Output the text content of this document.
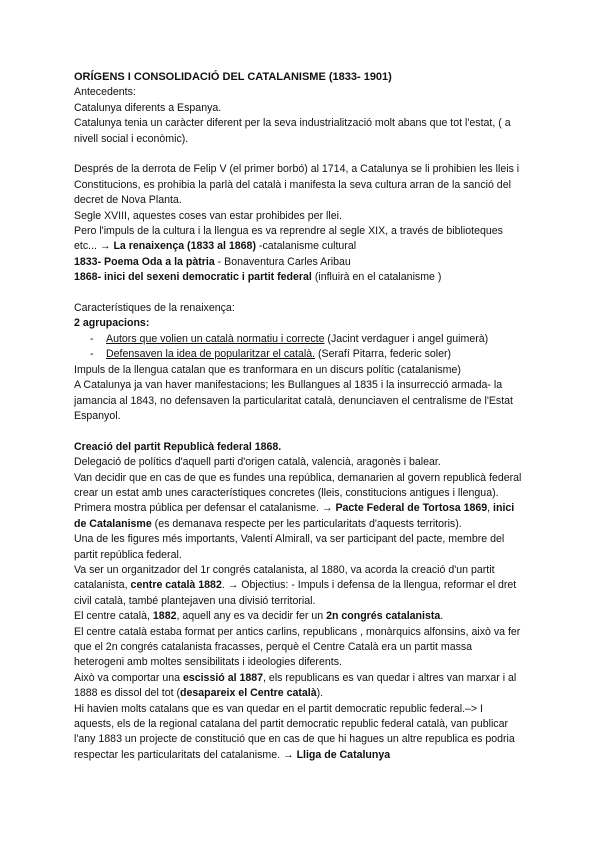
ORÍGENS I CONSOLIDACIÓ DEL CATALANISME (1833- 1901)

Antecedents:

Catalunya diferents a Espanya.

Catalunya tenia un caràcter diferent per la seva industrialització molt abans que tot l'estat, ( a nivell social i econòmic).

Després de la derrota de Felip V (el primer borbó) al 1714, a Catalunya se li prohibien les lleis i Constitucions, es prohibia la parlà del català i manifesta la seva cultura arran de la sanció del decret de Nova Planta.

Segle XVIII, aquestes coses van estar prohibides per llei.

Pero l'impuls de la cultura i la llengua es va reprendre al segle XIX, a través de biblioteques etc... → La renaixença (1833 al 1868) -catalanisme cultural

1833- Poema Oda a la pàtria - Bonaventura Carles Aribau

1868- inici del sexeni democratic i partit federal (influirà en el catalanisme )

Característiques de la renaixença:

2 agrupacions:

- Autors que volien un català normatiu i correcte (Jacint verdaguer i angel guimerà)

- Defensaven la idea de popularitzar el català. (Serafí Pitarra, federic soler)

Impuls de la llengua catalan que es tranformara en un discurs polític (catalanisme)

A Catalunya ja van haver manifestacions; les Bullangues al 1835 i la insurrecció armada- la jamancia al 1843, no defensaven la particularitat català, denunciaven el centralisme de l'Estat Espanyol.

Creació del partit Republicà federal 1868.

Delegació de polítics d'aquell parti d'origen català, valencià, aragonès i balear.

Van decidir que en cas de que es fundes una república, demanarien al govern republicà federal crear un estat amb unes característiques concretes (lleis, constitucions antigues i llengua).

Primera mostra pública per defensar el catalanisme. → Pacte Federal de Tortosa 1869, inici de Catalanisme (es demanava respecte per les particularitats d'aquests territoris).

Una de les figures més importants, Valentí Almirall, va ser participant del pacte, membre del partit república federal.

Va ser un organitzador del 1r congrés catalanista, al 1880, va acorda la creació d'un partit catalanista, centre català 1882. → Objectius: - Impuls i defensa de la llengua, reformar el dret civil català, també plantejaven una divisió territorial.

El centre català, 1882, aquell any es va decidir fer un 2n congrés catalanista.

El centre català estaba format per antics carlins, republicans , monàrquics alfonsins, això va fer que el 2n congrés catalanista fracasses, perquè el Centre Català era un partit massa heterogeni amb moltes sensibilitats i ideologies diferents.

Això va comportar una escissió al 1887, els republicans es van quedar i altres van marxar i al 1888 es dissol del tot (desapareix el Centre català).

Hi havien molts catalans que es van quedar en el partit democratic republic federal.–> I aquests, els de la regional catalana del partit democratic republic federal català, van publicar l'any 1883 un projecte de constitució que en cas de que hi hagues un altre republica es podria respectar les particularitats del catalanisme. → Lliga de Catalunya
